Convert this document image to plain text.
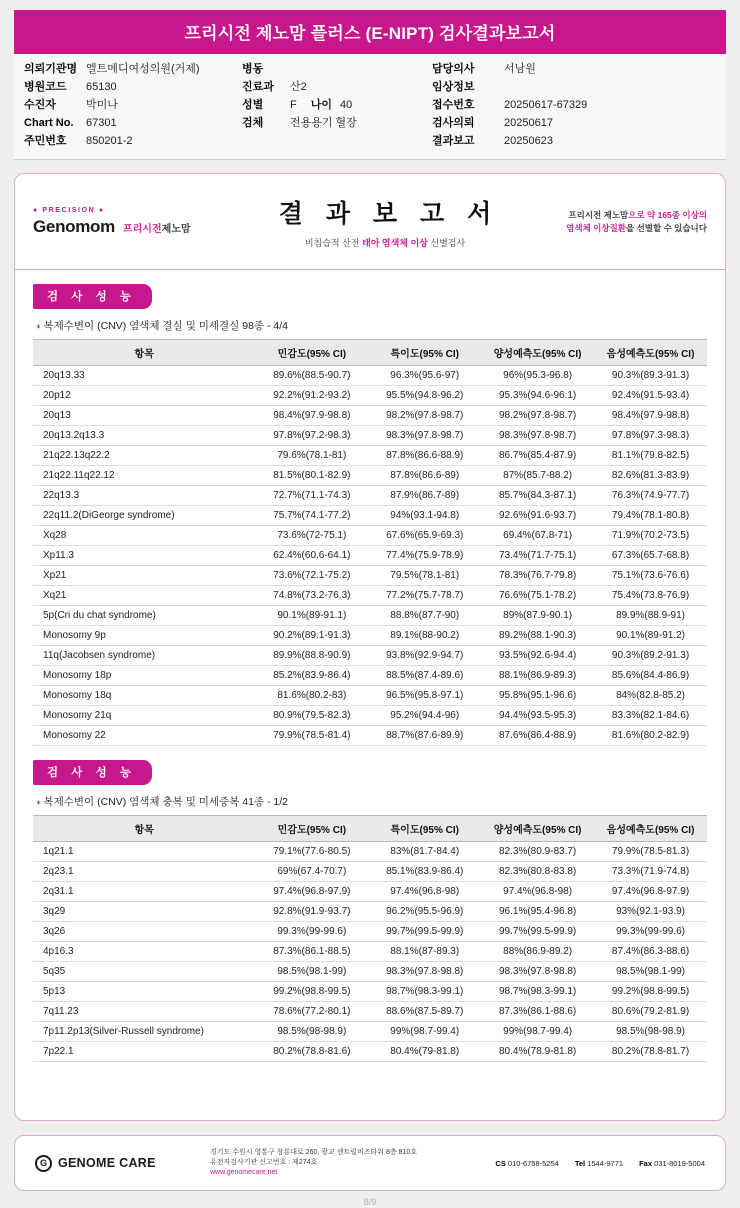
프리시전 제노맘 플러스 (E-NIPT) 검사결과보고서
의뢰기관명 엘트메디여성의원(거제)
병원코드	65130
수진자	박미나
Chart No.	67301
주민번호	850201-2
병동
진료과	산2
성별	F 나이 40
검체	전용용기 혈장
담당의사	서남원
임상정보
접수번호	20250617-67329
검사의뢰	20250617
결과보고	20250623
● PRECISION ●
Genomom 프리시전제노맘
결 과 보 고 서
비침습적 산전 태아 염색체 이상 선별검사
프리시전 제노맘으로 약 165종 이상의
염색체 이상질환을 선별할 수 있습니다
검 사 성 능
◑ 복제수변이 (CNV) 염색체 결실 및 미세결실 98종 - 4/4
항목	민감도(95% CI)	특이도(95% CI)	양성예측도(95% CI)	음성예측도(95% CI)
20q13.33	89.6%(88.5-90.7)	96.3%(95.6-97)	96%(95.3-96.8)	90.3%(89.3-91.3)
20p12	92.2%(91.2-93.2)	95.5%(94.8-96.2)	95.3%(94.6-96.1)	92.4%(91.5-93.4)
20q13	98.4%(97.9-98.8)	98.2%(97.8-98.7)	98.2%(97.8-98.7)	98.4%(97.9-98.8)
20q13.2q13.3	97.8%(97.2-98.3)	98.3%(97.8-98.7)	98.3%(97.8-98.7)	97.8%(97.3-98.3)
21q22.13q22.2	79.6%(78.1-81)	87.8%(86.6-88.9)	86.7%(85.4-87.9)	81.1%(79.8-82.5)
21q22.11q22.12	81.5%(80.1-82.9)	87.8%(86.6-89)	87%(85.7-88.2)	82.6%(81.3-83.9)
22q13.3	72.7%(71.1-74.3)	87.9%(86.7-89)	85.7%(84.3-87.1)	76.3%(74.9-77.7)
22q11.2(DiGeorge syndrome)	75.7%(74.1-77.2)	94%(93.1-94.8)	92.6%(91.6-93.7)	79.4%(78.1-80.8)
Xq28	73.6%(72-75.1)	67.6%(65.9-69.3)	69.4%(67.8-71)	71.9%(70.2-73.5)
Xp11.3	62.4%(60.6-64.1)	77.4%(75.9-78.9)	73.4%(71.7-75.1)	67.3%(65.7-68.8)
Xp21	73.6%(72.1-75.2)	79.5%(78.1-81)	78.3%(76.7-79.8)	75.1%(73.6-76.6)
Xq21	74.8%(73.2-76.3)	77.2%(75.7-78.7)	76.6%(75.1-78.2)	75.4%(73.8-76.9)
5p(Cri du chat syndrome)	90.1%(89-91.1)	88.8%(87.7-90)	89%(87.9-90.1)	89.9%(88.9-91)
Monosomy 9p	90.2%(89.1-91.3)	89.1%(88-90.2)	89.2%(88.1-90.3)	90.1%(89-91.2)
11q(Jacobsen syndrome)	89.9%(88.8-90.9)	93.8%(92.9-94.7)	93.5%(92.6-94.4)	90.3%(89.2-91.3)
Monosomy 18p	85.2%(83.9-86.4)	88.5%(87.4-89.6)	88.1%(86.9-89.3)	85.6%(84.4-86.9)
Monosomy 18q	81.6%(80.2-83)	96.5%(95.8-97.1)	95.8%(95.1-96.6)	84%(82.8-85.2)
Monosomy 21q	80.9%(79.5-82.3)	95.2%(94.4-96)	94.4%(93.5-95.3)	83.3%(82.1-84.6)
Monosomy 22	79.9%(78.5-81.4)	88.7%(87.6-89.9)	87.6%(86.4-88.9)	81.6%(80.2-82.9)
검 사 성 능
◑ 복제수변이 (CNV) 염색체 충복 및 미세중복 41종 - 1/2
항목	민감도(95% CI)	특이도(95% CI)	양성예측도(95% CI)	음성예측도(95% CI)
1q21.1	79.1%(77.6-80.5)	83%(81.7-84.4)	82.3%(80.9-83.7)	79.9%(78.5-81.3)
2q23.1	69%(67.4-70.7)	85.1%(83.9-86.4)	82.3%(80.8-83.8)	73.3%(71.9-74.8)
2q31.1	97.4%(96.8-97.9)	97.4%(96.8-98)	97.4%(96.8-98)	97.4%(96.8-97.9)
3q29	92.8%(91.9-93.7)	96.2%(95.5-96.9)	96.1%(95.4-96.8)	93%(92.1-93.9)
3q26	99.3%(99-99.6)	99.7%(99.5-99.9)	99.7%(99.5-99.9)	99.3%(99-99.6)
4p16.3	87.3%(86.1-88.5)	88.1%(87-89.3)	88%(86.9-89.2)	87.4%(86.3-88.6)
5q35	98.5%(98.1-99)	98.3%(97.8-98.8)	98.3%(97.8-98.8)	98.5%(98.1-99)
5p13	99.2%(98.8-99.5)	98.7%(98.3-99.1)	98.7%(98.3-99.1)	99.2%(98.8-99.5)
7q11.23	78.6%(77.2-80.1)	88.6%(87.5-89.7)	87.3%(86.1-88.6)	80.6%(79.2-81.9)
7p11.2p13(Silver-Russell syndrome)	98.5%(98-98.9)	99%(98.7-99.4)	99%(98.7-99.4)	98.5%(98-98.9)
7p22.1	80.2%(78.8-81.6)	80.4%(79-81.8)	80.4%(78.9-81.8)	80.2%(78.8-81.7)
G GENOME CARE
경기도 수원시 영통구 창룡대로 260, 광교 센트럴비즈타워 8층 810호
유전자검사기관 신고번호 : 제274호
www.genomecare.net
CS 010-6758-5254 Tel 1544-9771 Fax 031-8019-5004
8/9
